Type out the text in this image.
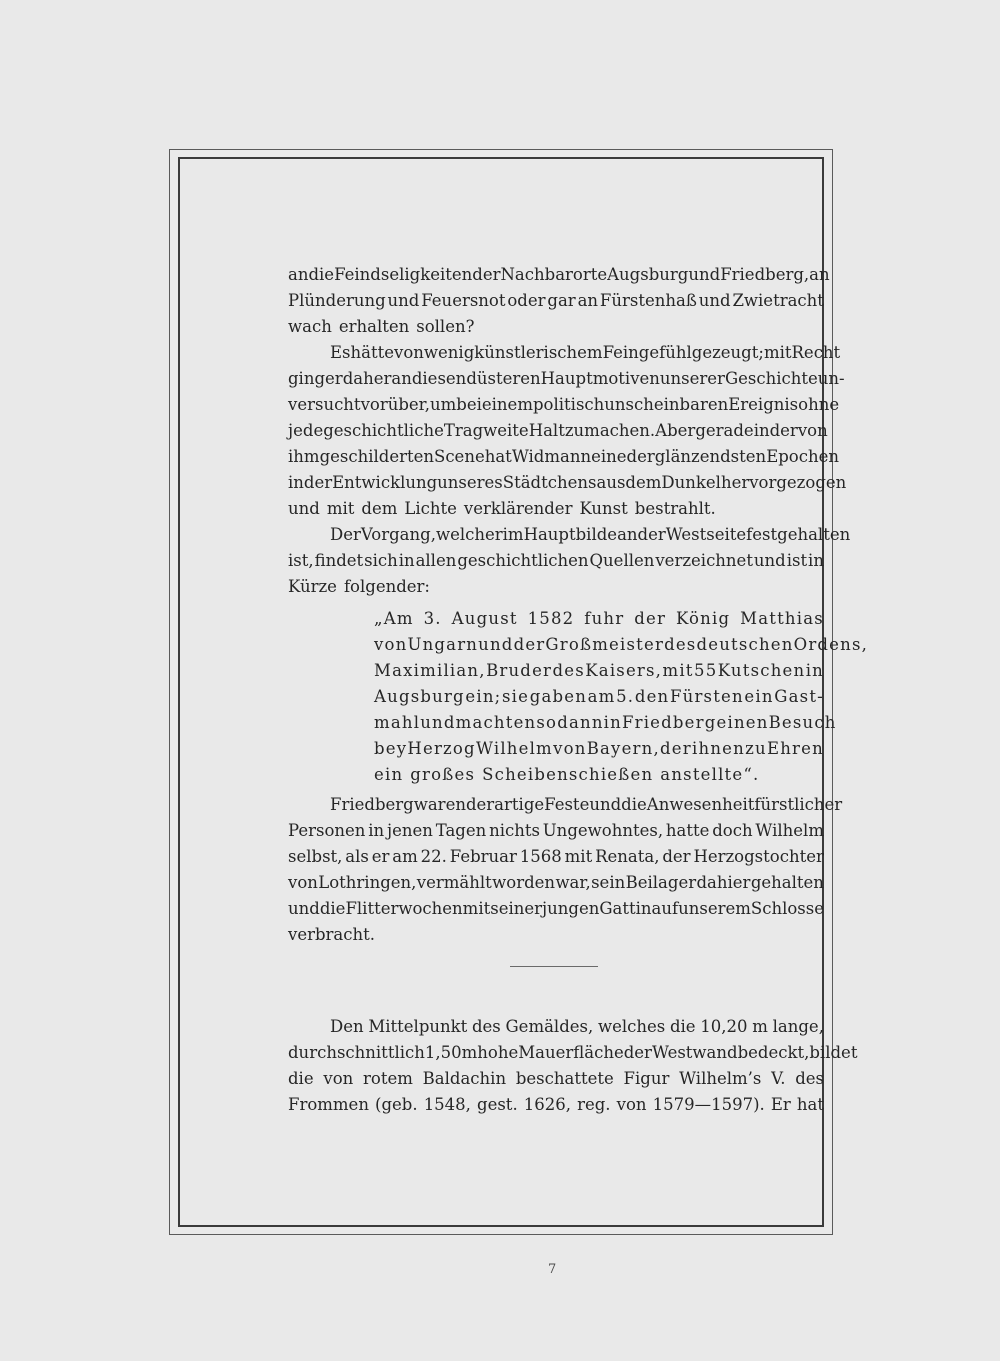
an die Feindseligkeiten der Nachbarorte Augsburg und Friedberg, an
Plünderung und Feuersnot oder gar an Fürstenhaß und Zwietracht
wach erhalten sollen?
Es hätte von wenig künstlerischem Feingefühl gezeugt; mit Recht
ging er daher an diesen düsteren Hauptmotiven unserer Geschichte un-
versucht vorüber, um bei einem politisch unscheinbaren Ereignis ohne
jede geschichtliche Tragweite Halt zu machen. Aber gerade in der von
ihm geschilderten Scene hat Widmann eine der glänzendsten Epochen
in der Entwicklung unseres Städtchens aus dem Dunkel hervorgezogen
und mit dem Lichte verklärender Kunst bestrahlt.
Der Vorgang, welcher im Hauptbilde an der Westseite festgehalten
ist, findet sich in allen geschichtlichen Quellen verzeichnet und ist in
Kürze folgender:
„Am 3. August 1582 fuhr der König Matthias
von Ungarn und der Großmeister des deutschen Ordens,
Maximilian, Bruder des Kaisers, mit 55 Kutschen in
Augsburg ein; sie gaben am 5. den Fürsten ein Gast-
mahl und machten sodann in Friedberg einen Besuch
bey Herzog Wilhelm von Bayern, der ihnen zu Ehren
ein großes Scheibenschießen anstellte“.
Friedberg waren derartige Feste und die Anwesenheit fürstlicher
Personen in jenen Tagen nichts Ungewohntes, hatte doch Wilhelm
selbst, als er am 22. Februar 1568 mit Renata, der Herzogstochter
von Lothringen, vermählt worden war, sein Beilager dahier gehalten
und die Flitterwochen mit seiner jungen Gattin auf unserem Schlosse
verbracht.
Den Mittelpunkt des Gemäldes, welches die 10,20 m lange,
durchschnittlich 1,50 m hohe Mauerfläche der Westwand bedeckt, bildet
die von rotem Baldachin beschattete Figur Wilhelm’s V. des
Frommen (geb. 1548, gest. 1626, reg. von 1579—1597). Er hat
7
